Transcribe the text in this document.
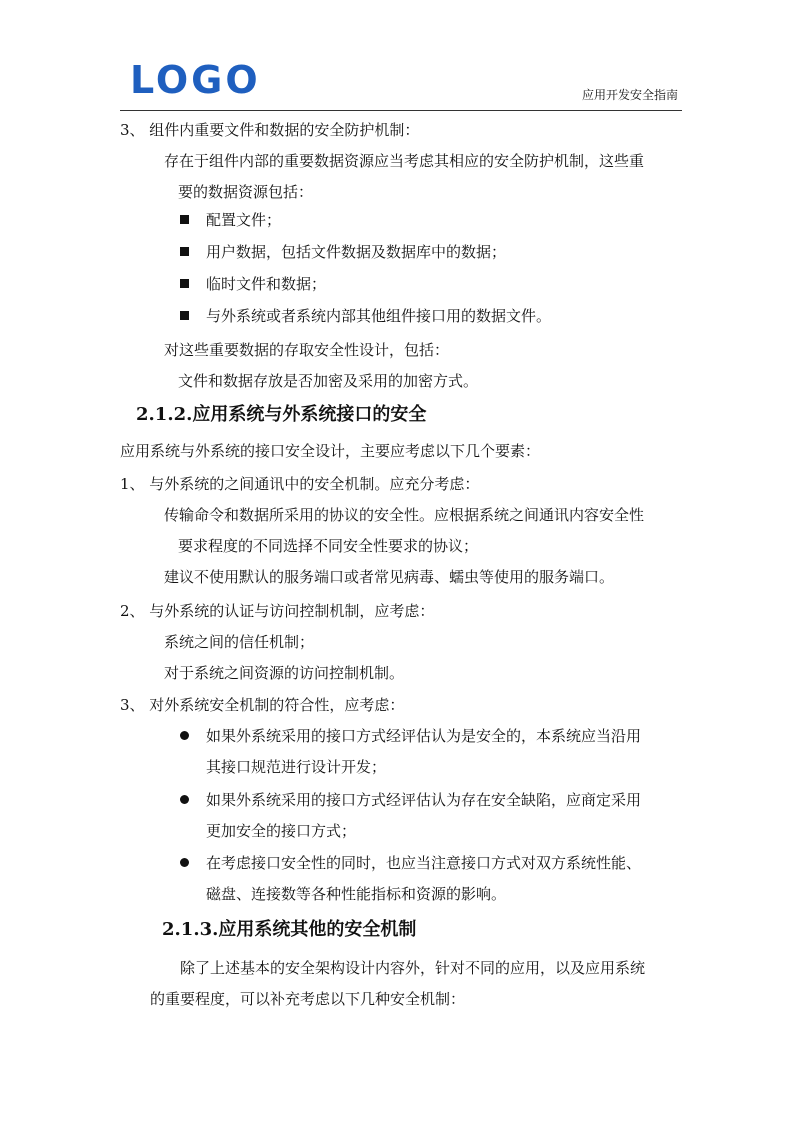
LOGO	应用开发安全指南
3、 组件内重要文件和数据的安全防护机制：
存在于组件内部的重要数据资源应当考虑其相应的安全防护机制，这些重
要的数据资源包括：
配置文件；
用户数据，包括文件数据及数据库中的数据；
临时文件和数据；
与外系统或者系统内部其他组件接口用的数据文件。
对这些重要数据的存取安全性设计，包括：
文件和数据存放是否加密及采用的加密方式。
2.1.2.应用系统与外系统接口的安全
应用系统与外系统的接口安全设计，主要应考虑以下几个要素：
1、 与外系统的之间通讯中的安全机制。应充分考虑：
传输命令和数据所采用的协议的安全性。应根据系统之间通讯内容安全性
要求程度的不同选择不同安全性要求的协议；
建议不使用默认的服务端口或者常见病毒、蠕虫等使用的服务端口。
2、 与外系统的认证与访问控制机制，应考虑：
系统之间的信任机制；
对于系统之间资源的访问控制机制。
3、 对外系统安全机制的符合性，应考虑：
如果外系统采用的接口方式经评估认为是安全的，本系统应当沿用
其接口规范进行设计开发；
如果外系统采用的接口方式经评估认为存在安全缺陷，应商定采用
更加安全的接口方式；
在考虑接口安全性的同时，也应当注意接口方式对双方系统性能、
磁盘、连接数等各种性能指标和资源的影响。
2.1.3.应用系统其他的安全机制
除了上述基本的安全架构设计内容外，针对不同的应用，以及应用系统
的重要程度，可以补充考虑以下几种安全机制：
